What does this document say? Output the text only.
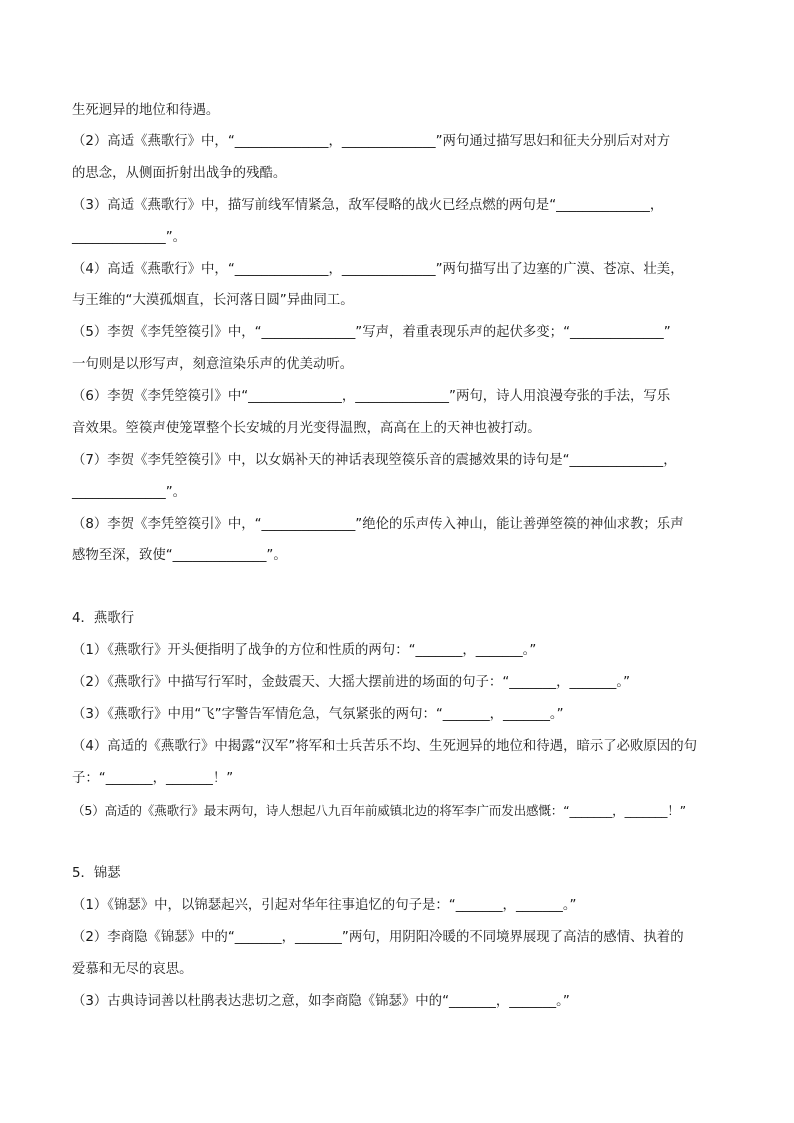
生死迥异的地位和待遇。
（2）高适《燕歌行》中，“______________，______________”两句通过描写思妇和征夫分别后对对方
的思念，从侧面折射出战争的残酷。
（3）高适《燕歌行》中，描写前线军情紧急，敌军侵略的战火已经点燃的两句是“______________，
______________”。
（4）高适《燕歌行》中，“______________，______________”两句描写出了边塞的广漠、苍凉、壮美，
与王维的“大漠孤烟直，长河落日圆”异曲同工。
（5）李贺《李凭箜篌引》中，“______________”写声，着重表现乐声的起伏多变；“______________”
一句则是以形写声，刻意渲染乐声的优美动听。
（6）李贺《李凭箜篌引》中“______________，______________”两句，诗人用浪漫夸张的手法，写乐
音效果。箜篌声使笼罩整个长安城的月光变得温煦，高高在上的天神也被打动。
（7）李贺《李凭箜篌引》中，以女娲补天的神话表现箜篌乐音的震撼效果的诗句是“______________，
______________”。
（8）李贺《李凭箜篌引》中，“______________”绝伦的乐声传入神山，能让善弹箜篌的神仙求教；乐声
感物至深，致使“______________”。
4．燕歌行
（1）《燕歌行》开头便指明了战争的方位和性质的两句：“_______，_______。”
（2）《燕歌行》中描写行军时，金鼓震天、大摇大摆前进的场面的句子：“_______，_______。”
（3）《燕歌行》中用“飞”字警告军情危急，气氛紧张的两句：“_______，_______。”
（4）高适的《燕歌行》中揭露“汉军”将军和士兵苦乐不均、生死迥异的地位和待遇，暗示了必败原因的句
子：“_______，_______！”
（5）高适的《燕歌行》最末两句，诗人想起八九百年前威镇北边的将军李广而发出感慨：“_______，_______！”
5．锦瑟
（1）《锦瑟》中，以锦瑟起兴，引起对华年往事追忆的句子是：“_______，_______。”
（2）李商隐《锦瑟》中的“_______，_______”两句，用阴阳冷暖的不同境界展现了高洁的感情、执着的
爱慕和无尽的哀思。
（3）古典诗词善以杜鹃表达悲切之意，如李商隐《锦瑟》中的“_______，_______。”
